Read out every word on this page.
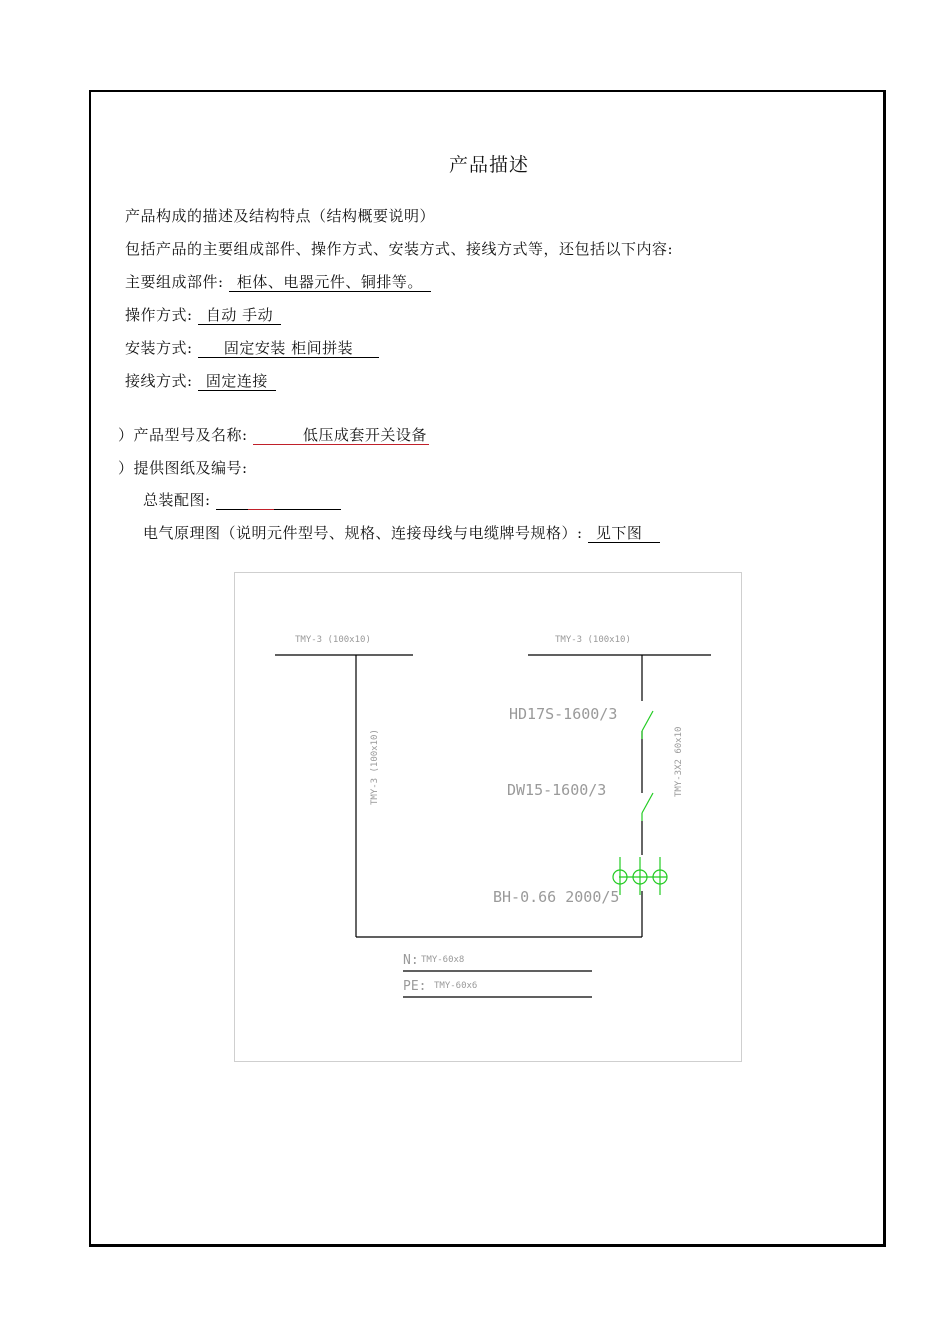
产品描述
产品构成的描述及结构特点（结构概要说明）
包括产品的主要组成部件、操作方式、安装方式、接线方式等，还包括以下内容:
主要组成部件: 柜体、电器元件、铜排等。
操作方式: 自动 手动
安装方式: 固定安装 柜间拼装
接线方式: 固定连接
）产品型号及名称:	低压成套开关设备
）提供图纸及编号:
总装配图:
电气原理图（说明元件型号、规格、连接母线与电缆牌号规格）: 见下图
TMY-3 (100x10)	TMY-3 (100x10)
TMY-3 (100x10)
HD17S-1600/3
DW15-1600/3	TMY-3X2 60x10
BH-0.66 2000/5
N: TMY-60x8
PE: TMY-60x6
